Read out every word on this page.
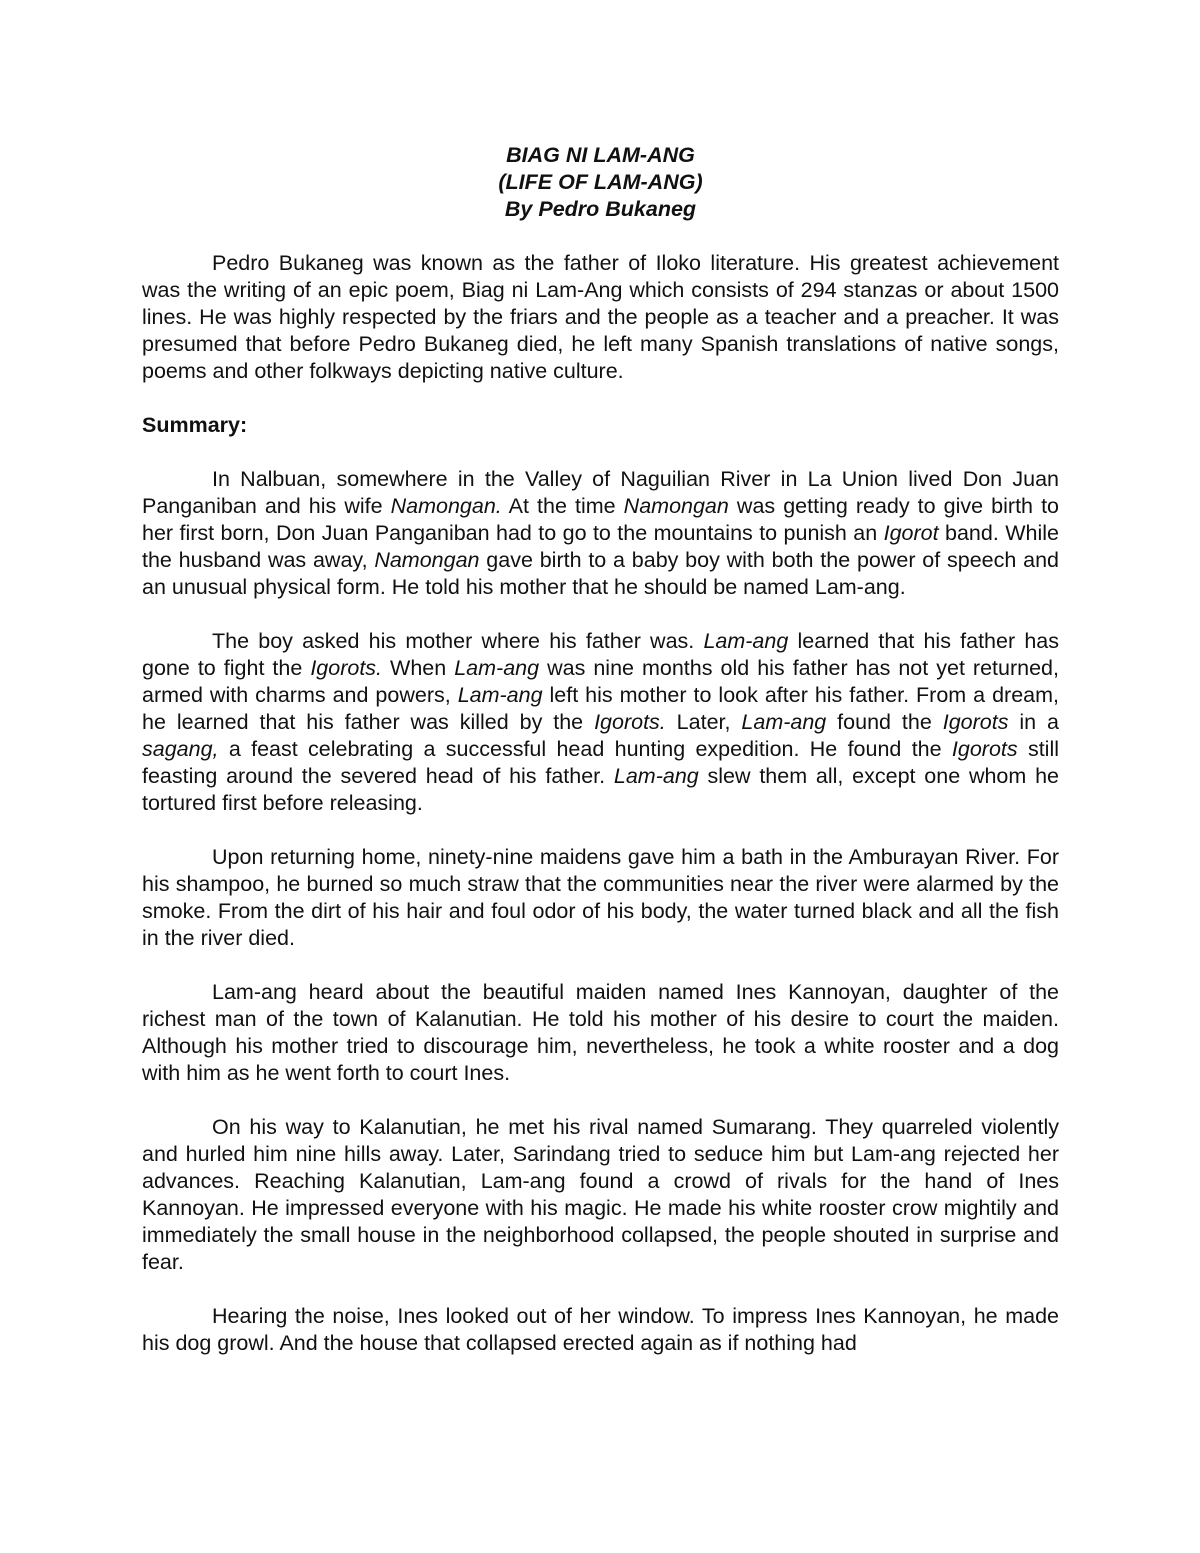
BIAG NI LAM-ANG
(LIFE OF LAM-ANG)
By Pedro Bukaneg

Pedro Bukaneg was known as the father of Iloko literature. His greatest achievement was the writing of an epic poem, Biag ni Lam-Ang which consists of 294 stanzas or about 1500 lines. He was highly respected by the friars and the people as a teacher and a preacher. It was presumed that before Pedro Bukaneg died, he left many Spanish translations of native songs, poems and other folkways depicting native culture.

Summary:

In Nalbuan, somewhere in the Valley of Naguilian River in La Union lived Don Juan Panganiban and his wife Namongan. At the time Namongan was getting ready to give birth to her first born, Don Juan Panganiban had to go to the mountains to punish an Igorot band. While the husband was away, Namongan gave birth to a baby boy with both the power of speech and an unusual physical form. He told his mother that he should be named Lam-ang.

The boy asked his mother where his father was. Lam-ang learned that his father has gone to fight the Igorots. When Lam-ang was nine months old his father has not yet returned, armed with charms and powers, Lam-ang left his mother to look after his father. From a dream, he learned that his father was killed by the Igorots. Later, Lam-ang found the Igorots in a sagang, a feast celebrating a successful head hunting expedition. He found the Igorots still feasting around the severed head of his father. Lam-ang slew them all, except one whom he tortured first before releasing.

Upon returning home, ninety-nine maidens gave him a bath in the Amburayan River. For his shampoo, he burned so much straw that the communities near the river were alarmed by the smoke. From the dirt of his hair and foul odor of his body, the water turned black and all the fish in the river died.

Lam-ang heard about the beautiful maiden named Ines Kannoyan, daughter of the richest man of the town of Kalanutian. He told his mother of his desire to court the maiden. Although his mother tried to discourage him, nevertheless, he took a white rooster and a dog with him as he went forth to court Ines.

On his way to Kalanutian, he met his rival named Sumarang. They quarreled violently and hurled him nine hills away. Later, Sarindang tried to seduce him but Lam-ang rejected her advances. Reaching Kalanutian, Lam-ang found a crowd of rivals for the hand of Ines Kannoyan. He impressed everyone with his magic. He made his white rooster crow mightily and immediately the small house in the neighborhood collapsed, the people shouted in surprise and fear.

Hearing the noise, Ines looked out of her window. To impress Ines Kannoyan, he made his dog growl. And the house that collapsed erected again as if nothing had
